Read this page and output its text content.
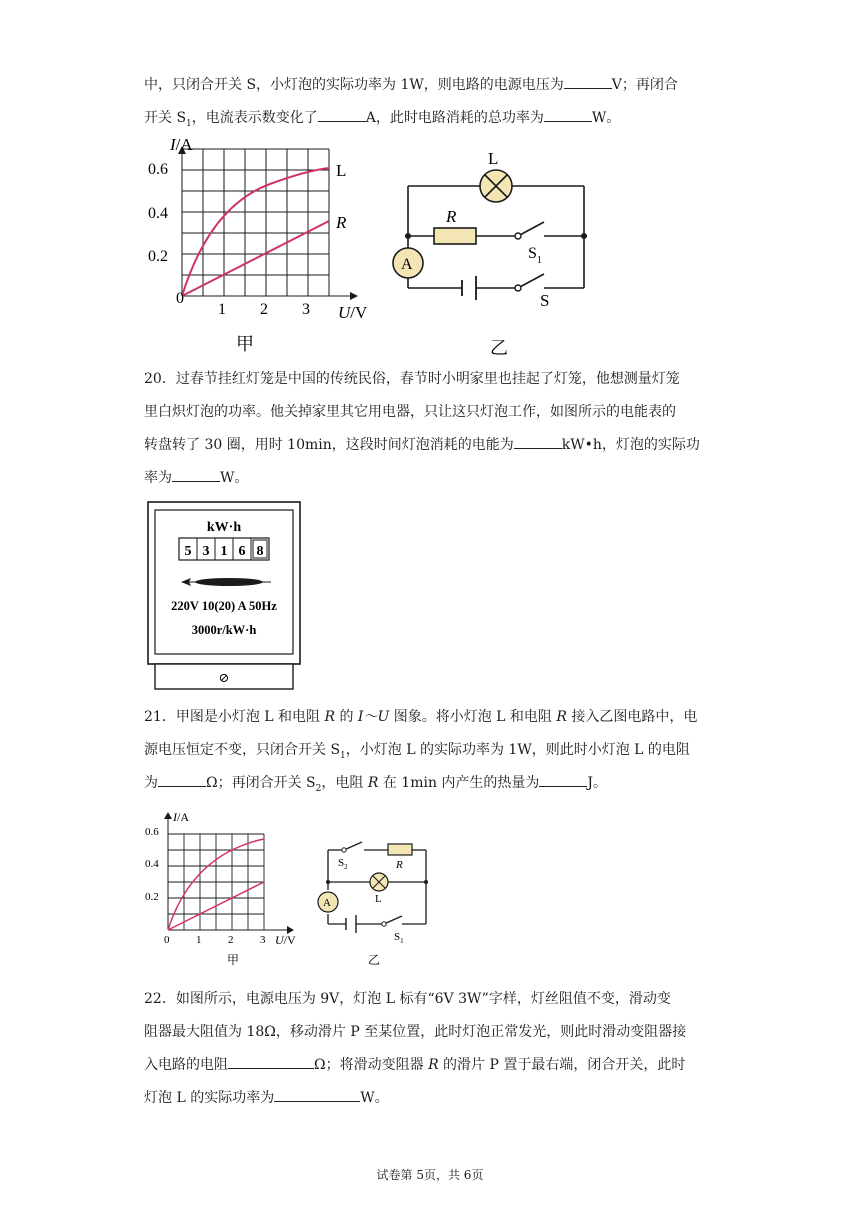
中，只闭合开关 S，小灯泡的实际功率为 1W，则电路的电源电压为	V；再闭合
开关 $S_1$，电流表示数变化了	A，此时电路消耗的总功率为	W。
I/A
0.6
0.4
0.2
0
1 2 3 U/V
L
R
甲
L
R
$S_1$
A
S
乙
20．过春节挂红灯笼是中国的传统民俗，春节时小明家里也挂起了灯笼，他想测量灯笼
里白炽灯泡的功率。他关掉家里其它用电器，只让这只灯泡工作，如图所示的电能表的
转盘转了 30 圈，用时 10min，这段时间灯泡消耗的电能为	kW•h，灯泡的实际功
率为	W。
kW·h
5 3 1 6 8
220V 10(20) A 50Hz
3000r/kW·h
⊘
21．甲图是小灯泡 L 和电阻 R 的 I～U 图象。将小灯泡 L 和电阻 R 接入乙图电路中，电
源电压恒定不变，只闭合开关 $S_1$，小灯泡 L 的实际功率为 1W，则此时小灯泡 L 的电阻
为	Ω；再闭合开关 $S_2$，电阻 R 在 1min 内产生的热量为	J。
I/A
0.6
0.4
0.2
0 1 2 3 U/V
甲
$S_2$	R
L
A
$S_1$
乙
22．如图所示，电源电压为 9V，灯泡 L 标有“6V 3W”字样，灯丝阻值不变，滑动变
阻器最大阻值为 18Ω，移动滑片 P 至某位置，此时灯泡正常发光，则此时滑动变阻器接
入电路的电阻	Ω；将滑动变阻器 R 的滑片 P 置于最右端，闭合开关，此时
灯泡 L 的实际功率为	W。
试卷第 5页，共 6页
